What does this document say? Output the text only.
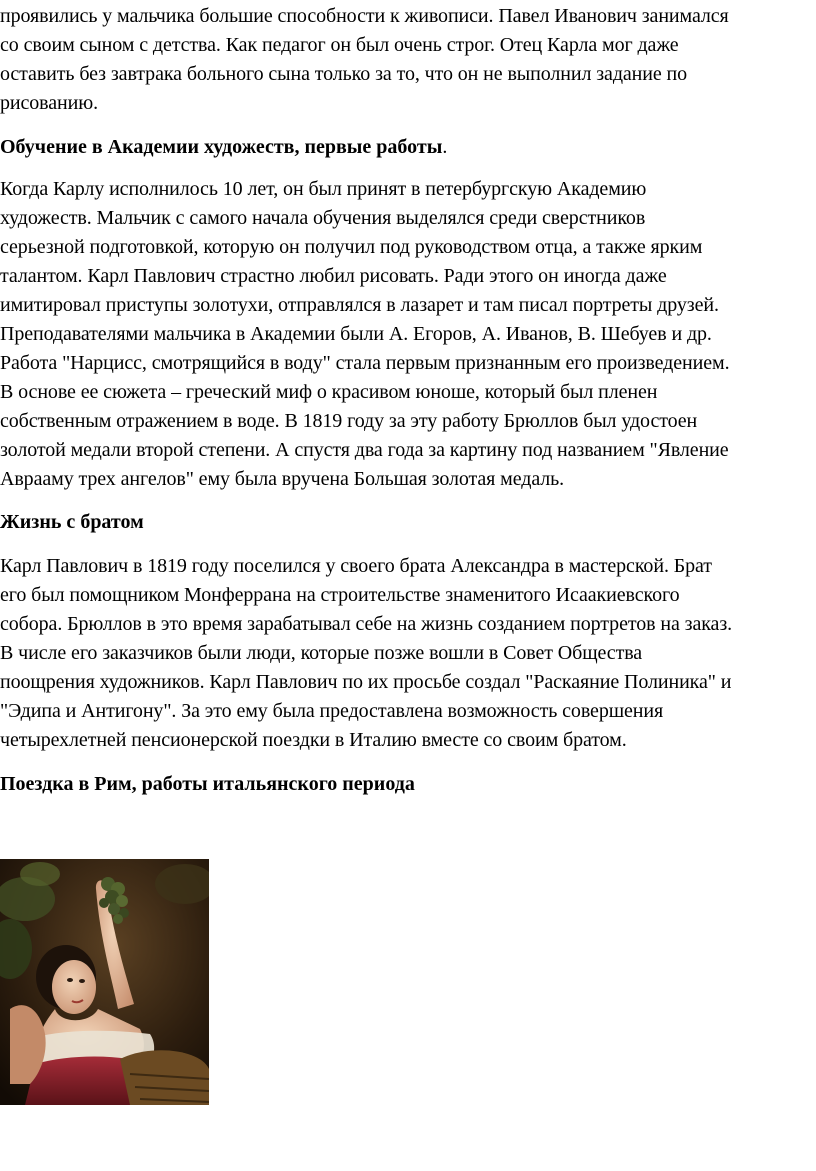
проявились у мальчика большие способности к живописи. Павел Иванович занимался
со своим сыном с детства. Как педагог он был очень строг. Отец Карла мог даже
оставить без завтрака больного сына только за то, что он не выполнил задание по
рисованию.

Обучение в Академии художеств, первые работы.

Когда Карлу исполнилось 10 лет, он был принят в петербургскую Академию
художеств. Мальчик с самого начала обучения выделялся среди сверстников
серьезной подготовкой, которую он получил под руководством отца, а также ярким
талантом. Карл Павлович страстно любил рисовать. Ради этого он иногда даже
имитировал приступы золотухи, отправлялся в лазарет и там писал портреты друзей.
Преподавателями мальчика в Академии были А. Егоров, А. Иванов, В. Шебуев и др.
Работа "Нарцисс, смотрящийся в воду" стала первым признанным его произведением.
В основе ее сюжета – греческий миф о красивом юноше, который был пленен
собственным отражением в воде. В 1819 году за эту работу Брюллов был удостоен
золотой медали второй степени. А спустя два года за картину под названием "Явление
Аврааму трех ангелов" ему была вручена Большая золотая медаль.

Жизнь с братом

Карл Павлович в 1819 году поселился у своего брата Александра в мастерской. Брат
его был помощником Монферрана на строительстве знаменитого Исаакиевского
собора. Брюллов в это время зарабатывал себе на жизнь созданием портретов на заказ.
В числе его заказчиков были люди, которые позже вошли в Совет Общества
поощрения художников. Карл Павлович по их просьбе создал "Раскаяние Полиника" и
"Эдипа и Антигону". За это ему была предоставлена возможность совершения
четырехлетней пенсионерской поездки в Италию вместе со своим братом.

Поездка в Рим, работы итальянского периода
